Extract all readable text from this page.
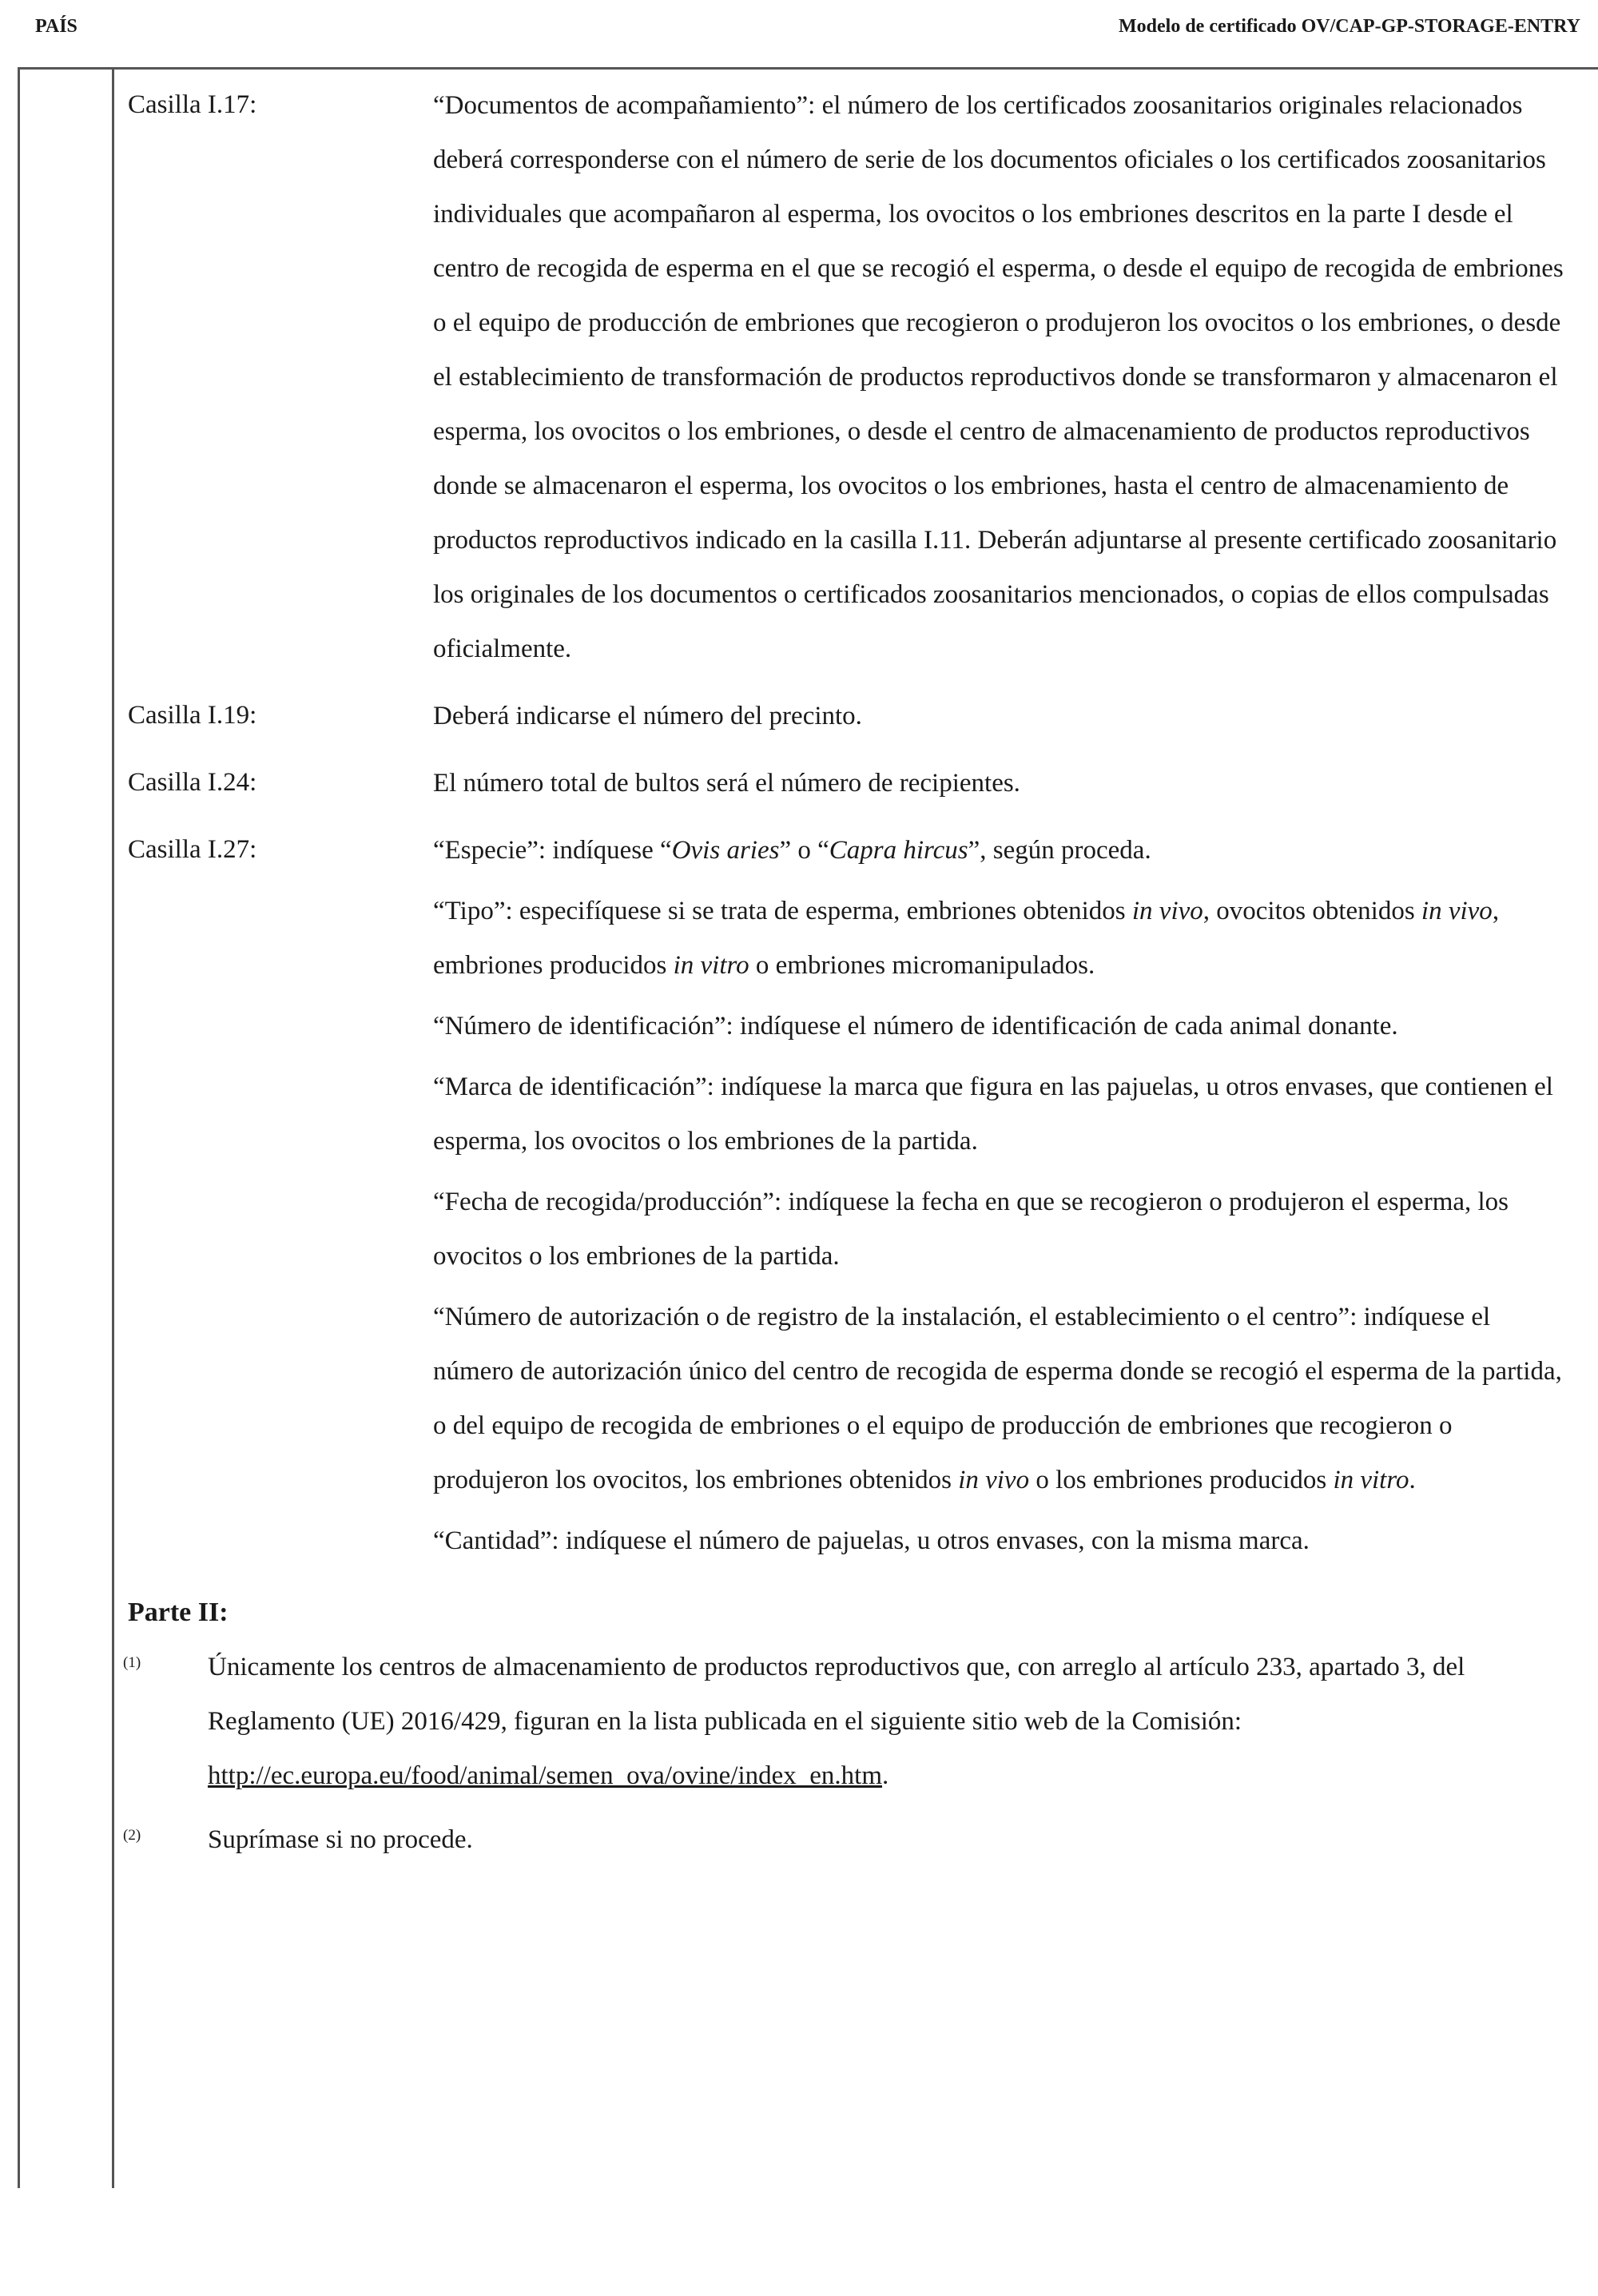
PAÍS	Modelo de certificado OV/CAP-GP-STORAGE-ENTRY
Casilla I.17:	“Documentos de acompañamiento”: el número de los certificados zoosanitarios originales relacionados deberá corresponderse con el número de serie de los documentos oficiales o los certificados zoosanitarios individuales que acompañaron al esperma, los ovocitos o los embriones descritos en la parte I desde el centro de recogida de esperma en el que se recogió el esperma, o desde el equipo de recogida de embriones o el equipo de producción de embriones que recogieron o produjeron los ovocitos o los embriones, o desde el establecimiento de transformación de productos reproductivos donde se transformaron y almacenaron el esperma, los ovocitos o los embriones, o desde el centro de almacenamiento de productos reproductivos donde se almacenaron el esperma, los ovocitos o los embriones, hasta el centro de almacenamiento de productos reproductivos indicado en la casilla I.11. Deberán adjuntarse al presente certificado zoosanitario los originales de los documentos o certificados zoosanitarios mencionados, o copias de ellos compulsadas oficialmente.
Casilla I.19:	Deberá indicarse el número del precinto.
Casilla I.24:	El número total de bultos será el número de recipientes.
Casilla I.27:	“Especie”: indíquese “Ovis aries” o “Capra hircus”, según proceda.
“Tipo”: especifíquese si se trata de esperma, embriones obtenidos in vivo, ovocitos obtenidos in vivo, embriones producidos in vitro o embriones micromanipulados.
“Número de identificación”: indíquese el número de identificación de cada animal donante.
“Marca de identificación”: indíquese la marca que figura en las pajuelas, u otros envases, que contienen el esperma, los ovocitos o los embriones de la partida.
“Fecha de recogida/producción”: indíquese la fecha en que se recogieron o produjeron el esperma, los ovocitos o los embriones de la partida.
“Número de autorización o de registro de la instalación, el establecimiento o el centro”: indíquese el número de autorización único del centro de recogida de esperma donde se recogió el esperma de la partida, o del equipo de recogida de embriones o el equipo de producción de embriones que recogieron o produjeron los ovocitos, los embriones obtenidos in vivo o los embriones producidos in vitro.
“Cantidad”: indíquese el número de pajuelas, u otros envases, con la misma marca.
Parte II:
(1)	Únicamente los centros de almacenamiento de productos reproductivos que, con arreglo al artículo 233, apartado 3, del Reglamento (UE) 2016/429, figuran en la lista publicada en el siguiente sitio web de la Comisión:
http://ec.europa.eu/food/animal/semen_ova/ovine/index_en.htm.
(2)	Suprímase si no procede.
